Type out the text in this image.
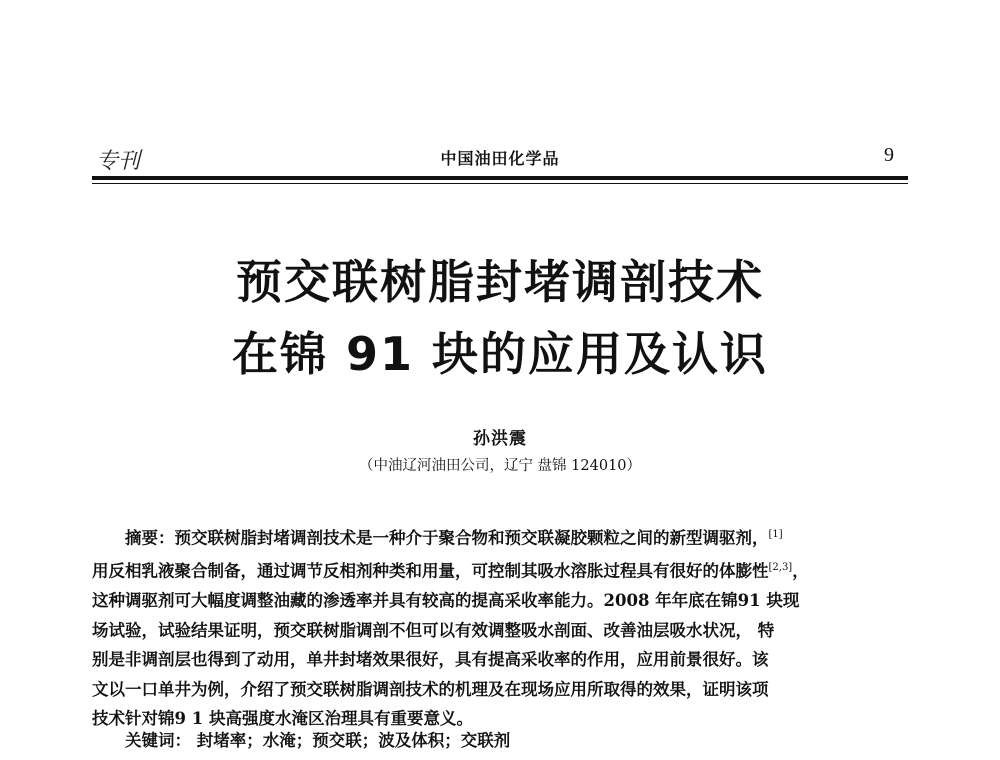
专刊	中国油田化学品	9
预交联树脂封堵调剖技术
在锦 91 块的应用及认识
孙洪震
（中油辽河油田公司，辽宁 盘锦 124010）
摘要：预交联树脂封堵调剖技术是一种介于聚合物和预交联凝胶颗粒之间的新型调驱剂，[1]
用反相乳液聚合制备，通过调节反相剂种类和用量，可控制其吸水溶胀过程具有很好的体膨性[2,3]，
这种调驱剂可大幅度调整油藏的渗透率并具有较高的提高采收率能力。2008 年年底在锦91 块现
场试验，试验结果证明，预交联树脂调剖不但可以有效调整吸水剖面、改善油层吸水状况， 特
别是非调剖层也得到了动用，单井封堵效果很好，具有提高采收率的作用，应用前景很好。该
文以一口单井为例，介绍了预交联树脂调剖技术的机理及在现场应用所取得的效果，证明该项
技术针对锦9 1 块高强度水淹区治理具有重要意义。
关键词： 封堵率；水淹；预交联；波及体积；交联剂
